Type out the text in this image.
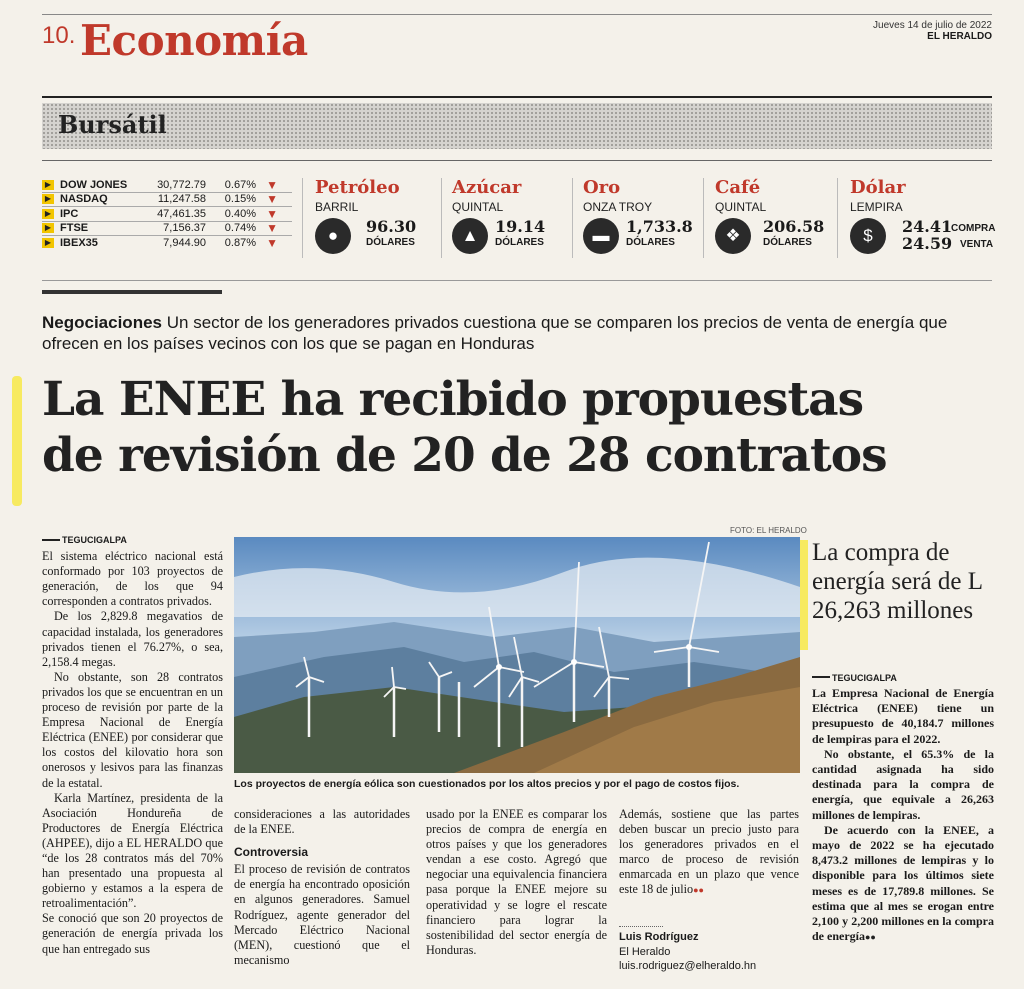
10. Economía	Jueves 14 de julio de 2022
EL HERALDO
Bursátil
▶ DOW JONES	30,772.79	0.67% ▼
▶ NASDAQ	11,247.58	0.15% ▼
▶ IPC	47,461.35	0.40% ▼
▶ FTSE	7,156.37	0.74% ▼
▶ IBEX35	7,944.90	0.87% ▼
Petróleo
BARRIL
●	96.30
DÓLARES
Azúcar
QUINTAL
▲	19.14
DÓLARES
Oro
ONZA TROY
▬	1,733.8
DÓLARES
Café
QUINTAL
❖	206.58
DÓLARES
Dólar
LEMPIRA
$	24.41
COMPRA
24.59 VENTA
Negociaciones Un sector de los generadores privados cuestiona que se comparen los precios de venta de energía que ofrecen en los países vecinos con los que se pagan en Honduras
La ENEE ha recibido propuestas
de revisión de 20 de 28 contratos
TEGUCIGALPA

El sistema eléctrico nacional está conformado por 103 proyectos de generación, de los que 94 corresponden a contratos privados.

De los 2,829.8 megavatios de capacidad instalada, los generadores privados tienen el 76.27%, o sea, 2,158.4 megas.

No obstante, son 28 contratos privados los que se encuentran en un proceso de revisión por parte de la Empresa Nacional de Energía Eléctrica (ENEE) por considerar que los costos del kilovatio hora son onerosos y lesivos para las finanzas de la estatal.

Karla Martínez, presidenta de la Asociación Hondureña de Productores de Energía Eléctrica (AHPEE), dijo a EL HERALDO que “de los 28 contratos más del 70% han presentado una propuesta al gobierno y estamos a la espera de retroalimentación”.

Se conoció que son 20 proyectos de generación de energía privada los que han entregado sus

FOTO: EL HERALDO
Los proyectos de energía eólica son cuestionados por los altos precios y por el pago de costos fijos.

consideraciones a las autoridades de la ENEE.

Controversia

El proceso de revisión de contratos de energía ha encontrado oposición en algunos generadores. Samuel Rodríguez, agente generador del Mercado Eléctrico Nacional (MEN), cuestionó que el mecanismo

usado por la ENEE es comparar los precios de compra de energía en otros países y que los generadores vendan a ese costo. Agregó que negociar una equivalencia financiera pasa porque la ENEE mejore su operatividad y se logre el rescate financiero para lograr la sostenibilidad del sector energía de Honduras.

Además, sostiene que las partes deben buscar un precio justo para los generadores privados en el marco de proceso de revisión enmarcada en un plazo que vence este 18 de julio●●

Luis Rodríguez
El Heraldo
luis.rodriguez@elheraldo.hn
La compra de energía será de L 26,263 millones
TEGUCIGALPA

La Empresa Nacional de Energía Eléctrica (ENEE) tiene un presupuesto de 40,184.7 millones de lempiras para el 2022.

No obstante, el 65.3% de la cantidad asignada ha sido destinada para la compra de energía, que equivale a 26,263 millones de lempiras.

De acuerdo con la ENEE, a mayo de 2022 se ha ejecutado 8,473.2 millones de lempiras y lo disponible para los últimos siete meses es de 17,789.8 millones. Se estima que al mes se erogan entre 2,100 y 2,200 millones en la compra de energía●●
